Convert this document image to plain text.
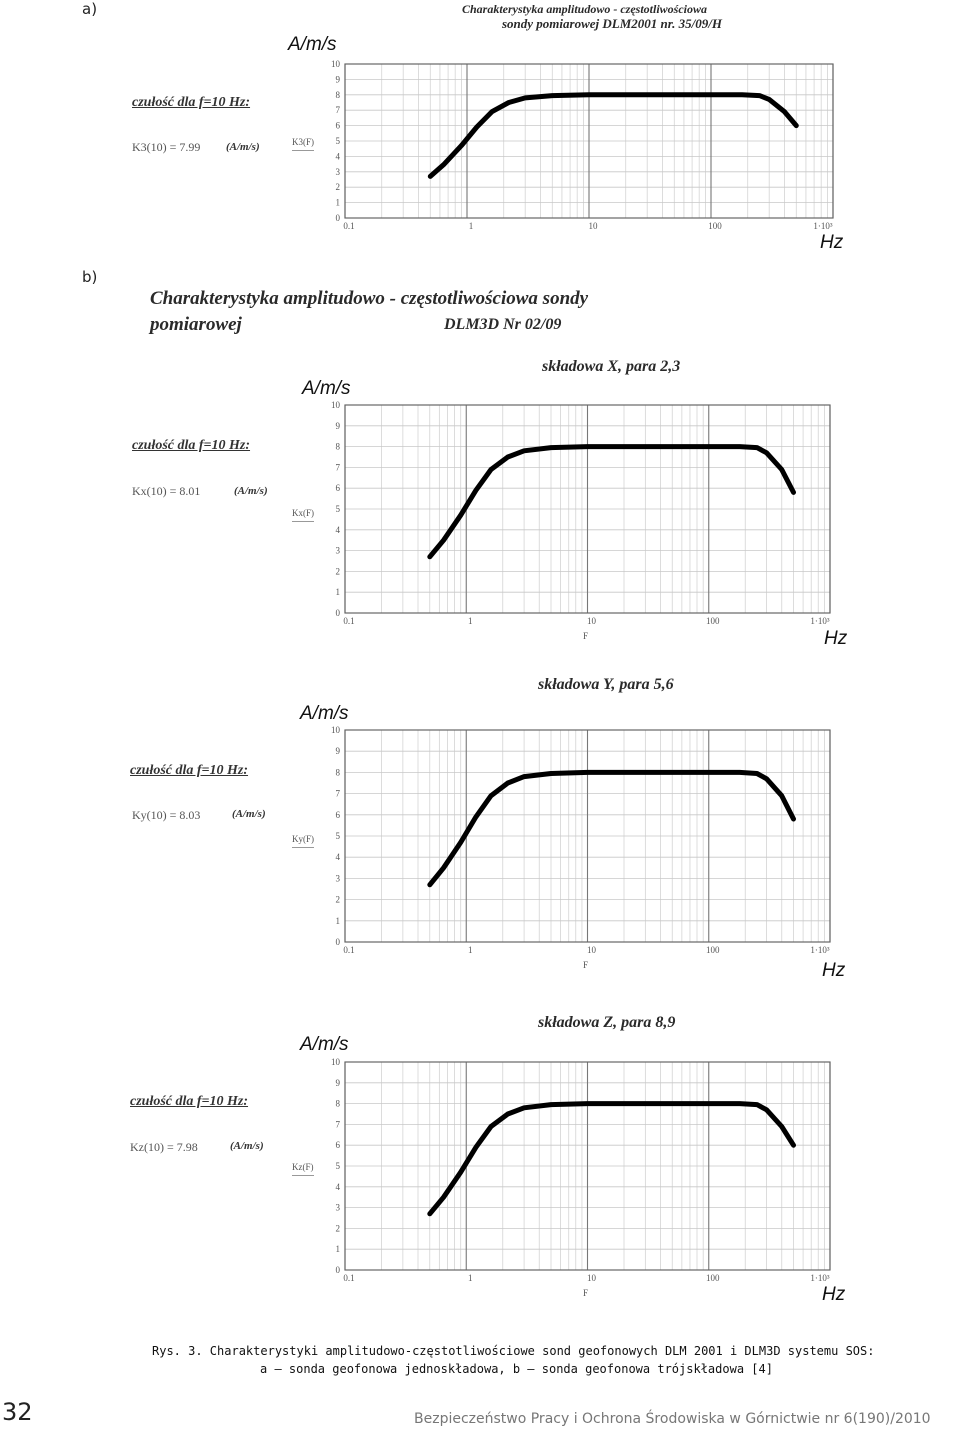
a)
b)
Charakterystyka amplitudowo - częstotliwościowa
sondy pomiarowej DLM2001 nr. 35/09/H
Charakterystyka amplitudowo - częstotliwościowa sondy
pomiarowej	DLM3D Nr 02/09
A/m/s
czułość dla f=10 Hz:
K3(10) = 7.99 (A/m/s)	K3(F)
0
1
2
3
4
5
6
7
8
9
10
0.1	1	10	100	1·10³
Hz
składowa X, para 2,3
A/m/s
czułość dla f=10 Hz:
Kx(10) = 8.01	(A/m/s)
Kx(F)
0
1
2
3
4
5
6
7
8
9
10
0.1	1	10	100	1·10³
F	Hz
składowa Y, para 5,6
A/m/s
czułość dla f=10 Hz:
Ky(10) = 8.03	(A/m/s)
Ky(F)
0
1
2
3
4
5
6
7
8
9
10
0.1	1	10	100	1·10³
F	Hz
składowa Z, para 8,9
A/m/s
czułość dla f=10 Hz:
Kz(10) = 7.98	(A/m/s)
Kz(F)
0
1
2
3
4
5
6
7
8
9
10
0.1	1	10	100	1·10³
F	Hz
Rys. 3. Charakterystyki amplitudowo-częstotliwościowe sond geofonowych DLM 2001 i DLM3D systemu SOS:
a – sonda geofonowa jednoskładowa, b – sonda geofonowa trójskładowa [4]
32	Bezpieczeństwo Pracy i Ochrona Środowiska w Górnictwie nr 6(190)/2010
